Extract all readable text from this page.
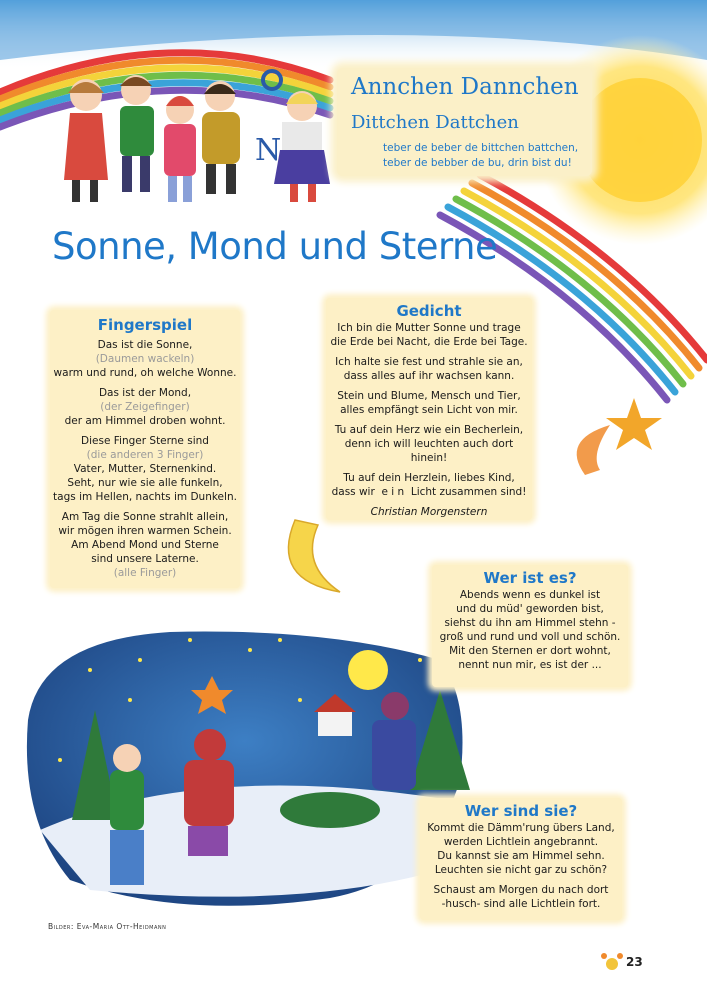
N
Annchen Dannchen
Dittchen Dattchen
teber de beber de bittchen battchen,
teber de bebber de bu, drin bist du!
Sonne, Mond und Sterne
Fingerspiel

Das ist die Sonne,
(Daumen wackeln)
warm und rund, oh welche Wonne.

Das ist der Mond,
(der Zeigefinger)
der am Himmel droben wohnt.

Diese Finger Sterne sind
(die anderen 3 Finger)
Vater, Mutter, Sternenkind.
Seht, nur wie sie alle funkeln,
tags im Hellen, nachts im Dunkeln.

Am Tag die Sonne strahlt allein,
wir mögen ihren warmen Schein.
Am Abend Mond und Sterne
sind unsere Laterne.
(alle Finger)

Gedicht

Ich bin die Mutter Sonne und trage
die Erde bei Nacht, die Erde bei Tage.

Ich halte sie fest und strahle sie an,
dass alles auf ihr wachsen kann.

Stein und Blume, Mensch und Tier,
alles empfängt sein Licht von mir.

Tu auf dein Herz wie ein Becherlein,
denn ich will leuchten auch dort hinein!

Tu auf dein Herzlein, liebes Kind,
dass wir  e i n  Licht zusammen sind!

Christian Morgenstern

Wer ist es?
Abends wenn es dunkel ist
und du müd' geworden bist,
siehst du ihn am Himmel stehn -
groß und rund und voll und schön.
Mit den Sternen er dort wohnt,
nennt nun mir, es ist der ...
Wer sind sie?

Kommt die Dämm'rung übers Land,
werden Lichtlein angebrannt.
Du kannst sie am Himmel sehn.
Leuchten sie nicht gar zu schön?

Schaust am Morgen du nach dort
-husch- sind alle Lichtlein fort.

Bilder: Eva-Maria Ott-Heidmann
23
